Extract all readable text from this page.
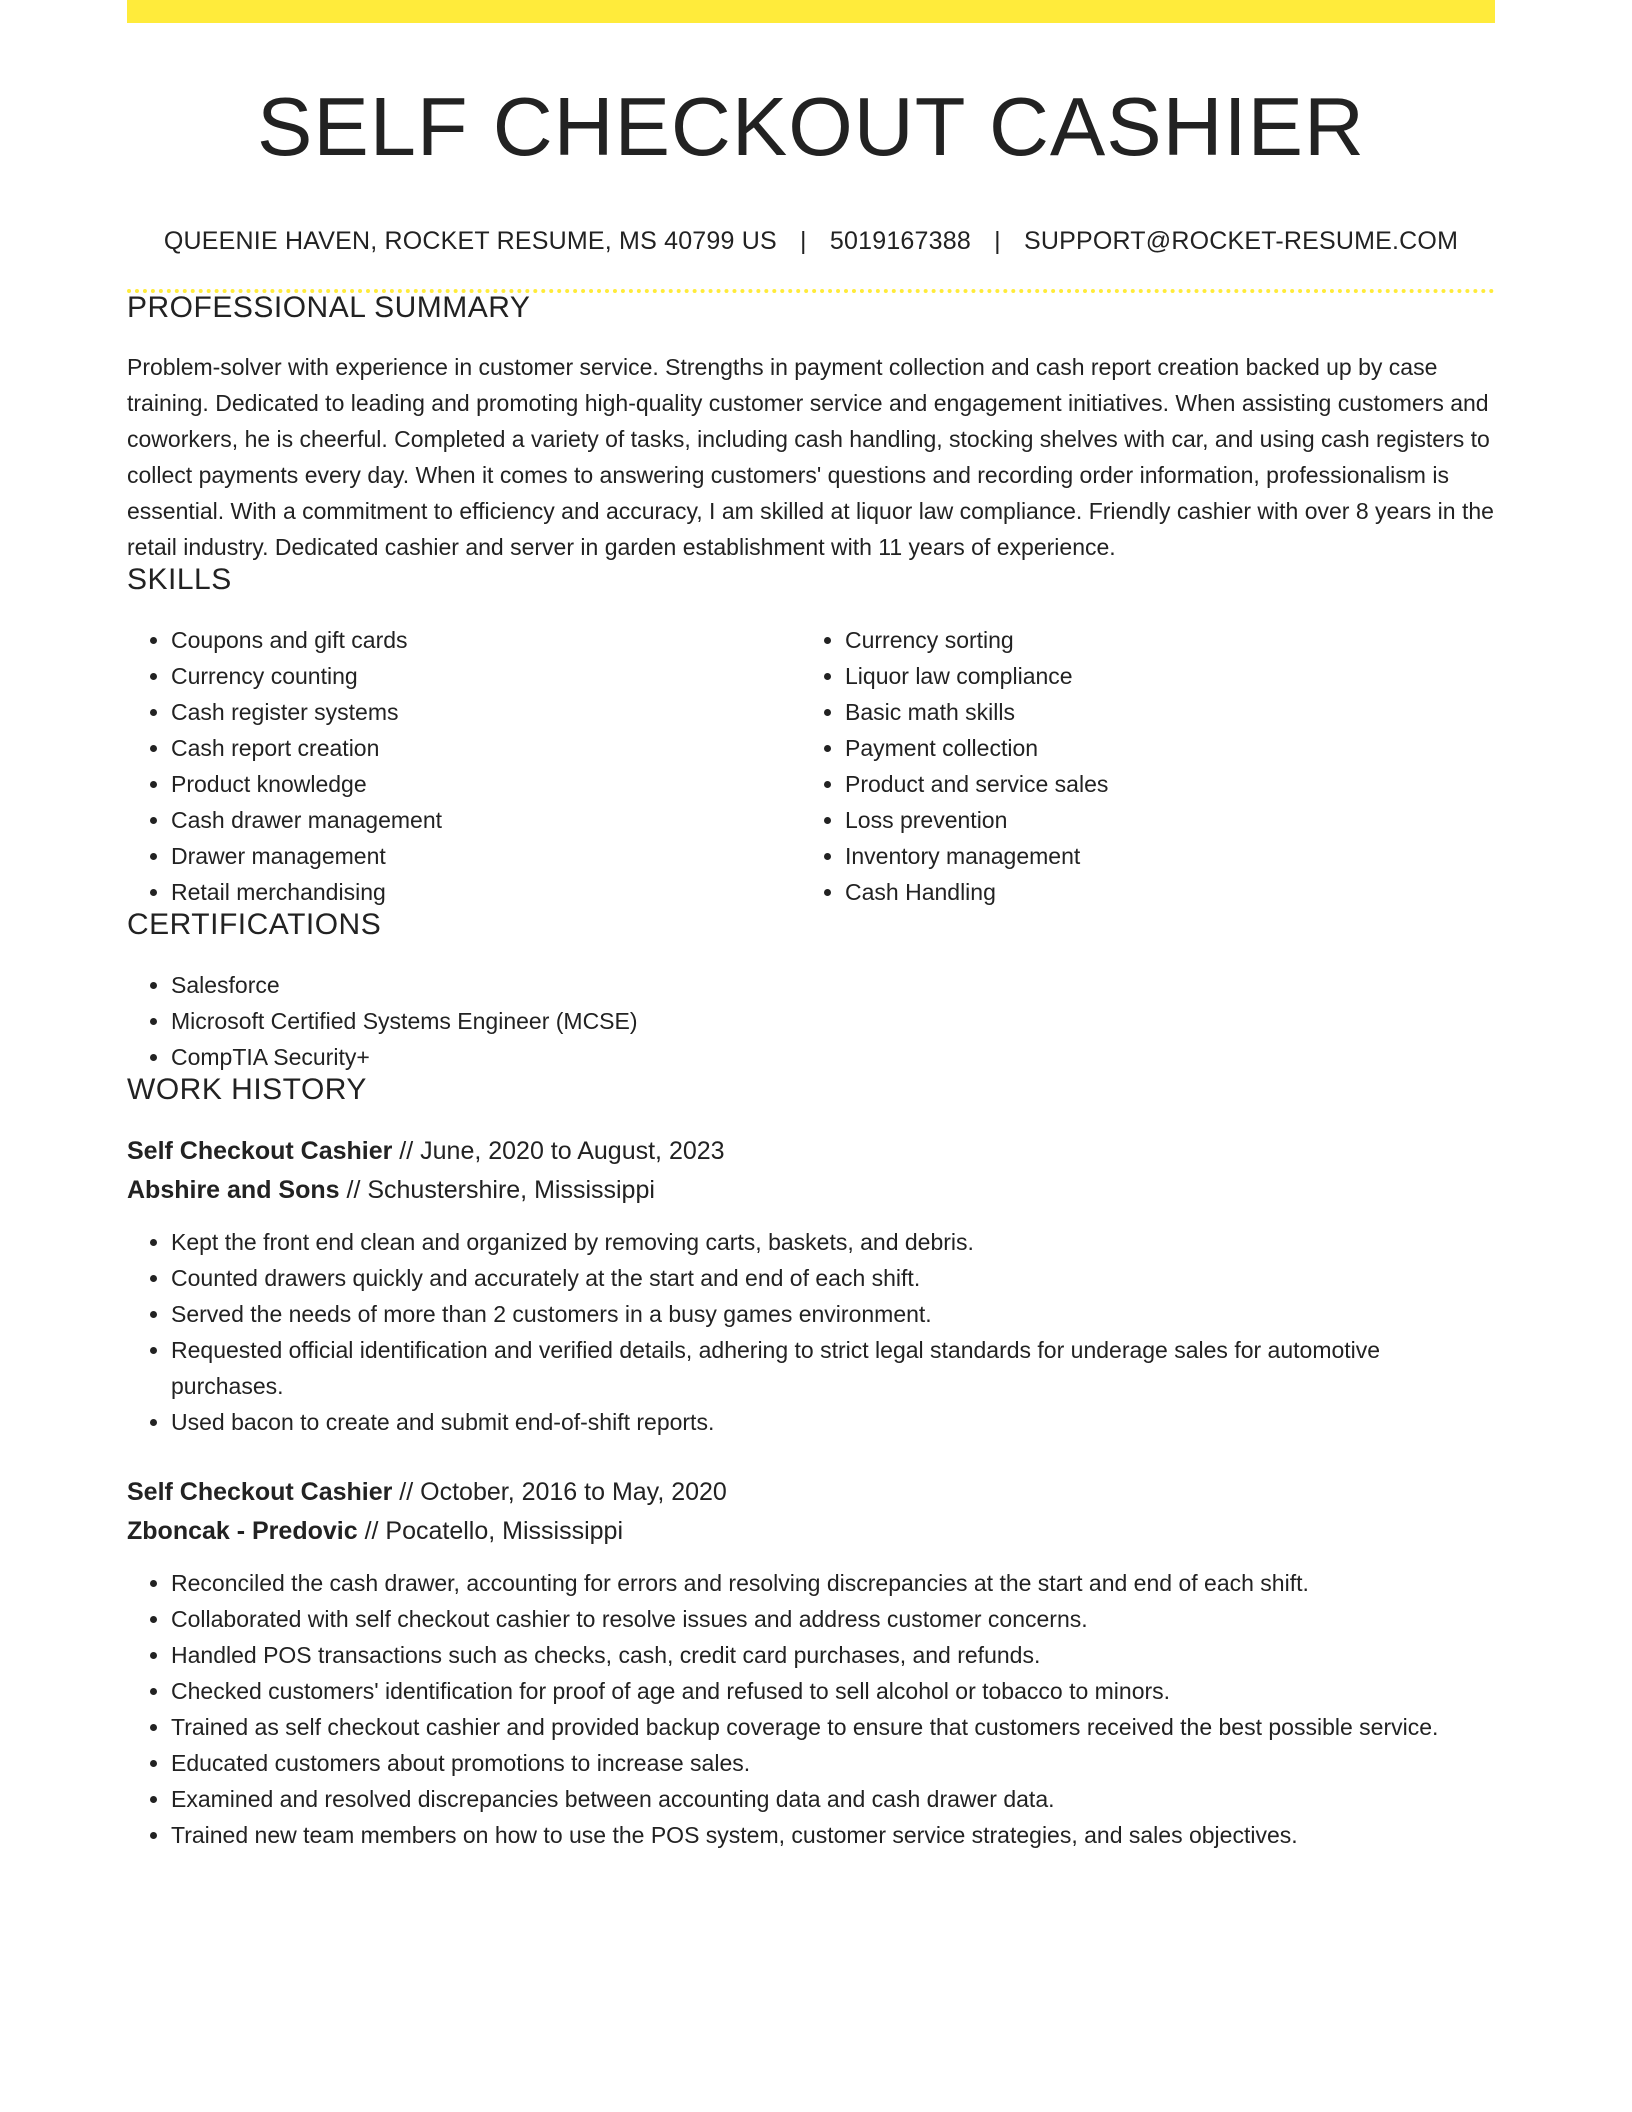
SELF CHECKOUT CASHIER
QUEENIE HAVEN, ROCKET RESUME, MS 40799 US | 5019167388 | SUPPORT@ROCKET-RESUME.COM
PROFESSIONAL SUMMARY
Problem-solver with experience in customer service. Strengths in payment collection and cash report creation backed up by case training. Dedicated to leading and promoting high-quality customer service and engagement initiatives. When assisting customers and coworkers, he is cheerful. Completed a variety of tasks, including cash handling, stocking shelves with car, and using cash registers to collect payments every day. When it comes to answering customers' questions and recording order information, professionalism is essential. With a commitment to efficiency and accuracy, I am skilled at liquor law compliance. Friendly cashier with over 8 years in the retail industry. Dedicated cashier and server in garden establishment with 11 years of experience.
SKILLS
• Coupons and gift cards
• Currency counting
• Cash register systems
• Cash report creation
• Product knowledge
• Cash drawer management
• Drawer management
• Retail merchandising
• Currency sorting
• Liquor law compliance
• Basic math skills
• Payment collection
• Product and service sales
• Loss prevention
• Inventory management
• Cash Handling
CERTIFICATIONS
• Salesforce
• Microsoft Certified Systems Engineer (MCSE)
• CompTIA Security+
WORK HISTORY
Self Checkout Cashier // June, 2020 to August, 2023
Abshire and Sons // Schustershire, Mississippi
• Kept the front end clean and organized by removing carts, baskets, and debris.
• Counted drawers quickly and accurately at the start and end of each shift.
• Served the needs of more than 2 customers in a busy games environment.
• Requested official identification and verified details, adhering to strict legal standards for underage sales for automotive purchases.
• Used bacon to create and submit end-of-shift reports.
Self Checkout Cashier // October, 2016 to May, 2020
Zboncak - Predovic // Pocatello, Mississippi
• Reconciled the cash drawer, accounting for errors and resolving discrepancies at the start and end of each shift.
• Collaborated with self checkout cashier to resolve issues and address customer concerns.
• Handled POS transactions such as checks, cash, credit card purchases, and refunds.
• Checked customers' identification for proof of age and refused to sell alcohol or tobacco to minors.
• Trained as self checkout cashier and provided backup coverage to ensure that customers received the best possible service.
• Educated customers about promotions to increase sales.
• Examined and resolved discrepancies between accounting data and cash drawer data.
• Trained new team members on how to use the POS system, customer service strategies, and sales objectives.
